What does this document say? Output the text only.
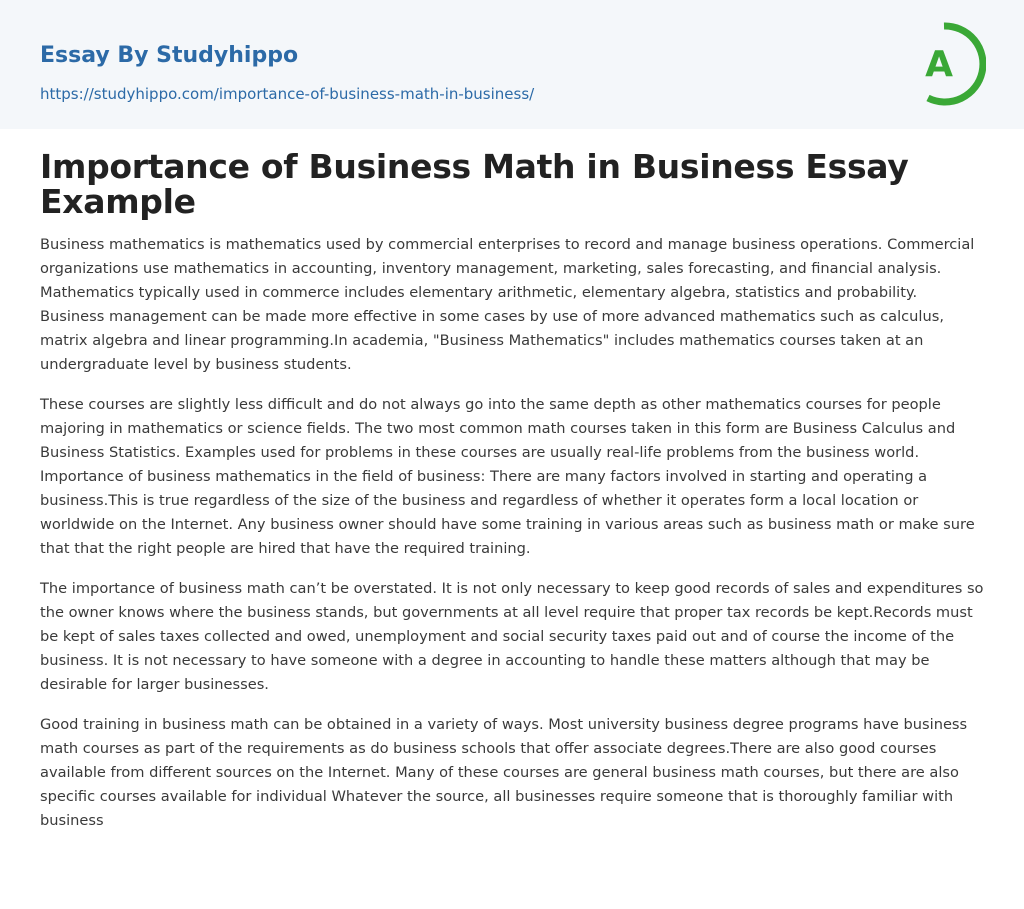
Essay By Studyhippo
https://studyhippo.com/importance-of-business-math-in-business/
A
Importance of Business Math in Business Essay Example

Business mathematics is mathematics used by commercial enterprises to record and manage business operations. Commercial organizations use mathematics in accounting, inventory management, marketing, sales forecasting, and financial analysis. Mathematics typically used in commerce includes elementary arithmetic, elementary algebra, statistics and probability. Business management can be made more effective in some cases by use of more advanced mathematics such as calculus, matrix algebra and linear programming.In academia, "Business Mathematics" includes mathematics courses taken at an undergraduate level by business students.

These courses are slightly less difficult and do not always go into the same depth as other mathematics courses for people majoring in mathematics or science fields. The two most common math courses taken in this form are Business Calculus and Business Statistics. Examples used for problems in these courses are usually real-life problems from the business world. Importance of business mathematics in the field of business: There are many factors involved in starting and operating a business.This is true regardless of the size of the business and regardless of whether it operates form a local location or worldwide on the Internet. Any business owner should have some training in various areas such as business math or make sure that that the right people are hired that have the required training.

The importance of business math can’t be overstated. It is not only necessary to keep good records of sales and expenditures so the owner knows where the business stands, but governments at all level require that proper tax records be kept.Records must be kept of sales taxes collected and owed, unemployment and social security taxes paid out and of course the income of the business. It is not necessary to have someone with a degree in accounting to handle these matters although that may be desirable for larger businesses.

Good training in business math can be obtained in a variety of ways. Most university business degree programs have business math courses as part of the requirements as do business schools that offer associate degrees.There are also good courses available from different sources on the Internet. Many of these courses are general business math courses, but there are also specific courses available for individual Whatever the source, all businesses require someone that is thoroughly familiar with business
